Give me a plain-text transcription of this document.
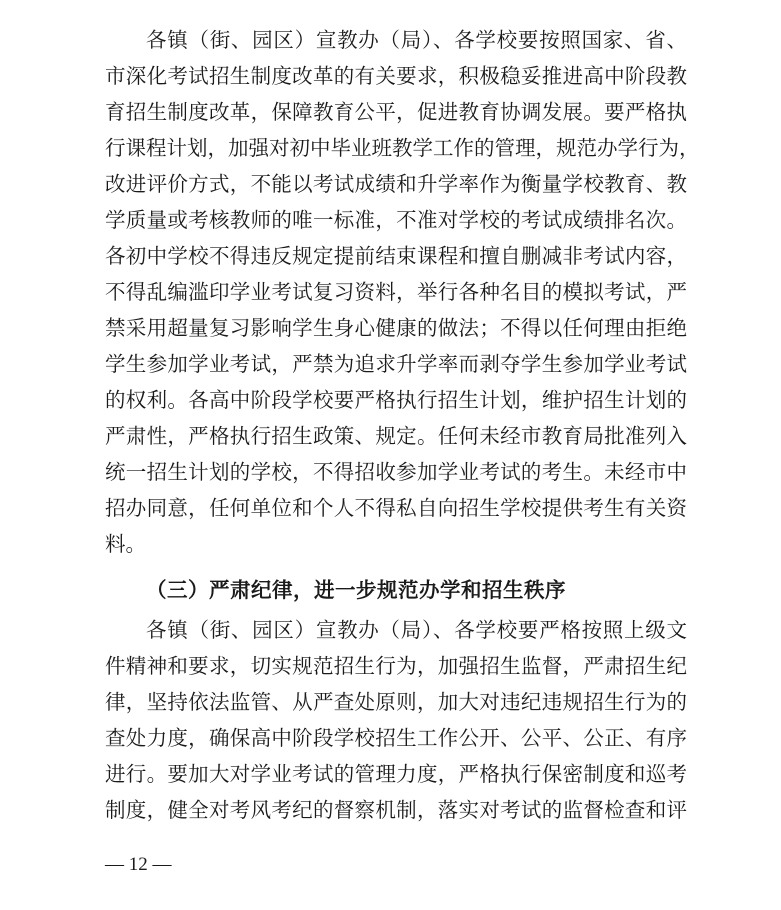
各镇（街、园区）宣教办（局）、各学校要按照国家、省、
市深化考试招生制度改革的有关要求，积极稳妥推进高中阶段教
育招生制度改革，保障教育公平，促进教育协调发展。要严格执
行课程计划，加强对初中毕业班教学工作的管理，规范办学行为，
改进评价方式，不能以考试成绩和升学率作为衡量学校教育、教
学质量或考核教师的唯一标准，不准对学校的考试成绩排名次。
各初中学校不得违反规定提前结束课程和擅自删减非考试内容，
不得乱编滥印学业考试复习资料，举行各种名目的模拟考试，严
禁采用超量复习影响学生身心健康的做法；不得以任何理由拒绝
学生参加学业考试，严禁为追求升学率而剥夺学生参加学业考试
的权利。各高中阶段学校要严格执行招生计划，维护招生计划的
严肃性，严格执行招生政策、规定。任何未经市教育局批准列入
统一招生计划的学校，不得招收参加学业考试的考生。未经市中
招办同意，任何单位和个人不得私自向招生学校提供考生有关资
料。
（三）严肃纪律，进一步规范办学和招生秩序
各镇（街、园区）宣教办（局）、各学校要严格按照上级文
件精神和要求，切实规范招生行为，加强招生监督，严肃招生纪
律，坚持依法监管、从严查处原则，加大对违纪违规招生行为的
查处力度，确保高中阶段学校招生工作公开、公平、公正、有序
进行。要加大对学业考试的管理力度，严格执行保密制度和巡考
制度，健全对考风考纪的督察机制，落实对考试的监督检查和评
— 12 —
